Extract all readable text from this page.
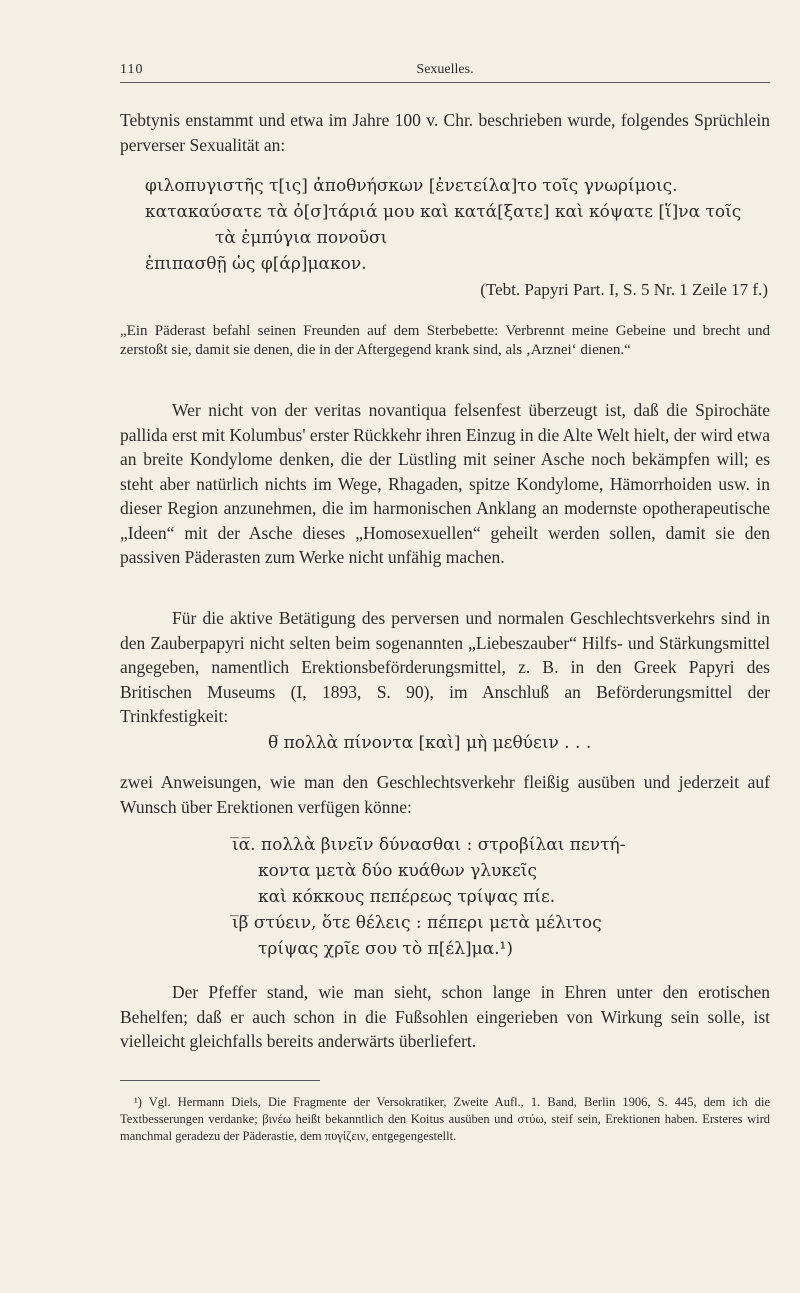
110	Sexuelles.

Tebtynis enstammt und etwa im Jahre 100 v. Chr. beschrieben wurde, folgendes Sprüchlein perverser Sexualität an:

φιλοπυγιστῆς τ[ις] ἀποθνήσκων [ἐνετείλα]το τοῖς γνωρίμοις.
κατακαύσατε τὰ ὀ[σ]τάριά μου καὶ κατά[ξατε] καὶ κόψατε [ἵ]να τοῖς
τὰ ἐμπύγια πονοῦσι
ἐπιπασθῇ ὡς φ[άρ]μακον.
(Tebt. Papyri Part. I, S. 5 Nr. 1 Zeile 17 f.)

„Ein Päderast befahl seinen Freunden auf dem Sterbebette: Verbrennt meine Gebeine und brecht und zerstoßt sie, damit sie denen, die in der Aftergegend krank sind, als ‚Arznei‘ dienen.“

Wer nicht von der veritas novantiqua felsenfest überzeugt ist, daß die Spirochäte pallida erst mit Kolumbus' erster Rückkehr ihren Einzug in die Alte Welt hielt, der wird etwa an breite Kondylome denken, die der Lüstling mit seiner Asche noch bekämpfen will; es steht aber natürlich nichts im Wege, Rhagaden, spitze Kondylome, Hämorrhoiden usw. in dieser Region anzunehmen, die im harmonischen Anklang an modernste opotherapeutische „Ideen“ mit der Asche dieses „Homosexuellen“ geheilt werden sollen, damit sie den passiven Päderasten zum Werke nicht unfähig machen.

Für die aktive Betätigung des perversen und normalen Geschlechtsverkehrs sind in den Zauberpapyri nicht selten beim sogenannten „Liebeszauber“ Hilfs- und Stärkungsmittel angegeben, namentlich Erektionsbeförderungsmittel, z. B. in den Greek Papyri des Britischen Museums (I, 1893, S. 90), im Anschluß an Beförderungsmittel der Trinkfestigkeit:

θ̅ πολλὰ πίνοντα [καὶ] μὴ μεθύειν . . .

zwei Anweisungen, wie man den Geschlechtsverkehr fleißig ausüben und jederzeit auf Wunsch über Erektionen verfügen könne:

ι̅α̅. πολλὰ βινεῖν δύνασθαι : στροβίλαι πεντή-
κοντα μετὰ δύο κυάθων γλυκεῖς
καὶ κόκκους πεπέρεως τρίψας πίε.
ι̅β̅ στύειν, ὅτε θέλεις : πέπερι μετὰ μέλιτος
τρίψας χρῖε σου τὸ π[έλ]μα.¹)

Der Pfeffer stand, wie man sieht, schon lange in Ehren unter den erotischen Behelfen; daß er auch schon in die Fußsohlen eingerieben von Wirkung sein solle, ist vielleicht gleichfalls bereits anderwärts überliefert.

¹) Vgl. Hermann Diels, Die Fragmente der Versokratiker, Zweite Aufl., 1. Band, Berlin 1906, S. 445, dem ich die Textbesserungen verdanke; βινέω heißt bekanntlich den Koitus ausüben und στύω, steif sein, Erektionen haben. Ersteres wird manchmal geradezu der Päderastie, dem πυγίζειν, entgegengestellt.
